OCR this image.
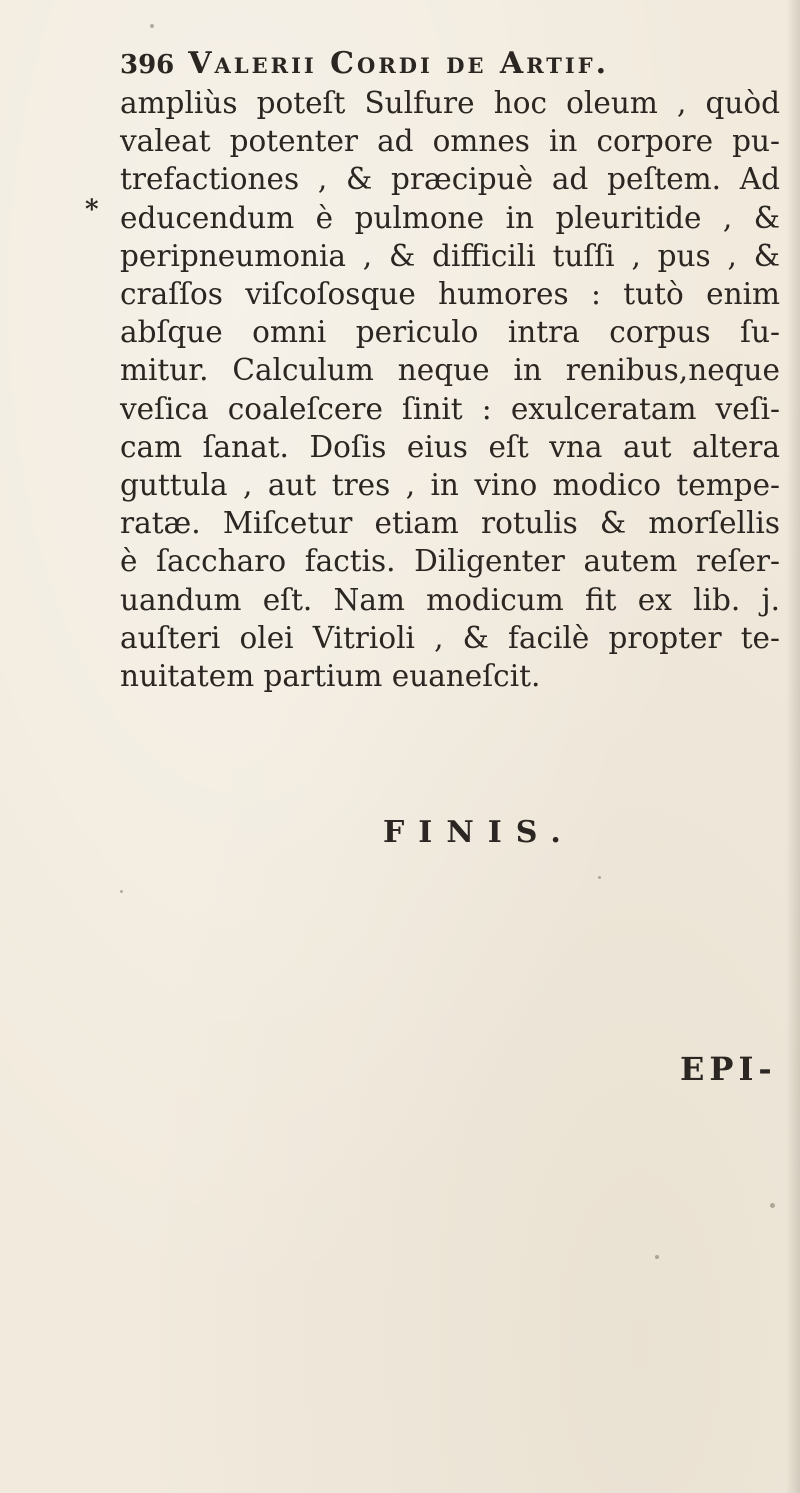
396 Valerii Cordi de Artif.
*
ampliùs poteſt Sulfure hoc oleum , quòd
valeat potenter ad omnes in corpore pu-
trefactiones , & præcipuè ad peſtem. Ad
educendum è pulmone in pleuritide , &
peripneumonia , & difficili tuſſi , pus , &
craſſos viſcoſosque humores : tutò enim
abſque omni periculo intra corpus ſu-
mitur. Calculum neque in renibus,neque
veſica coaleſcere ſinit : exulceratam veſi-
cam ſanat. Doſis eius eſt vna aut altera
guttula , aut tres , in vino modico tempe-
ratæ. Miſcetur etiam rotulis & morſellis
è ſaccharo factis. Diligenter autem reſer-
uandum eſt. Nam modicum fit ex lib. j.
auſteri olei Vitrioli , & facilè propter te-
nuitatem partium euaneſcit.
FINIS.
EPI-
